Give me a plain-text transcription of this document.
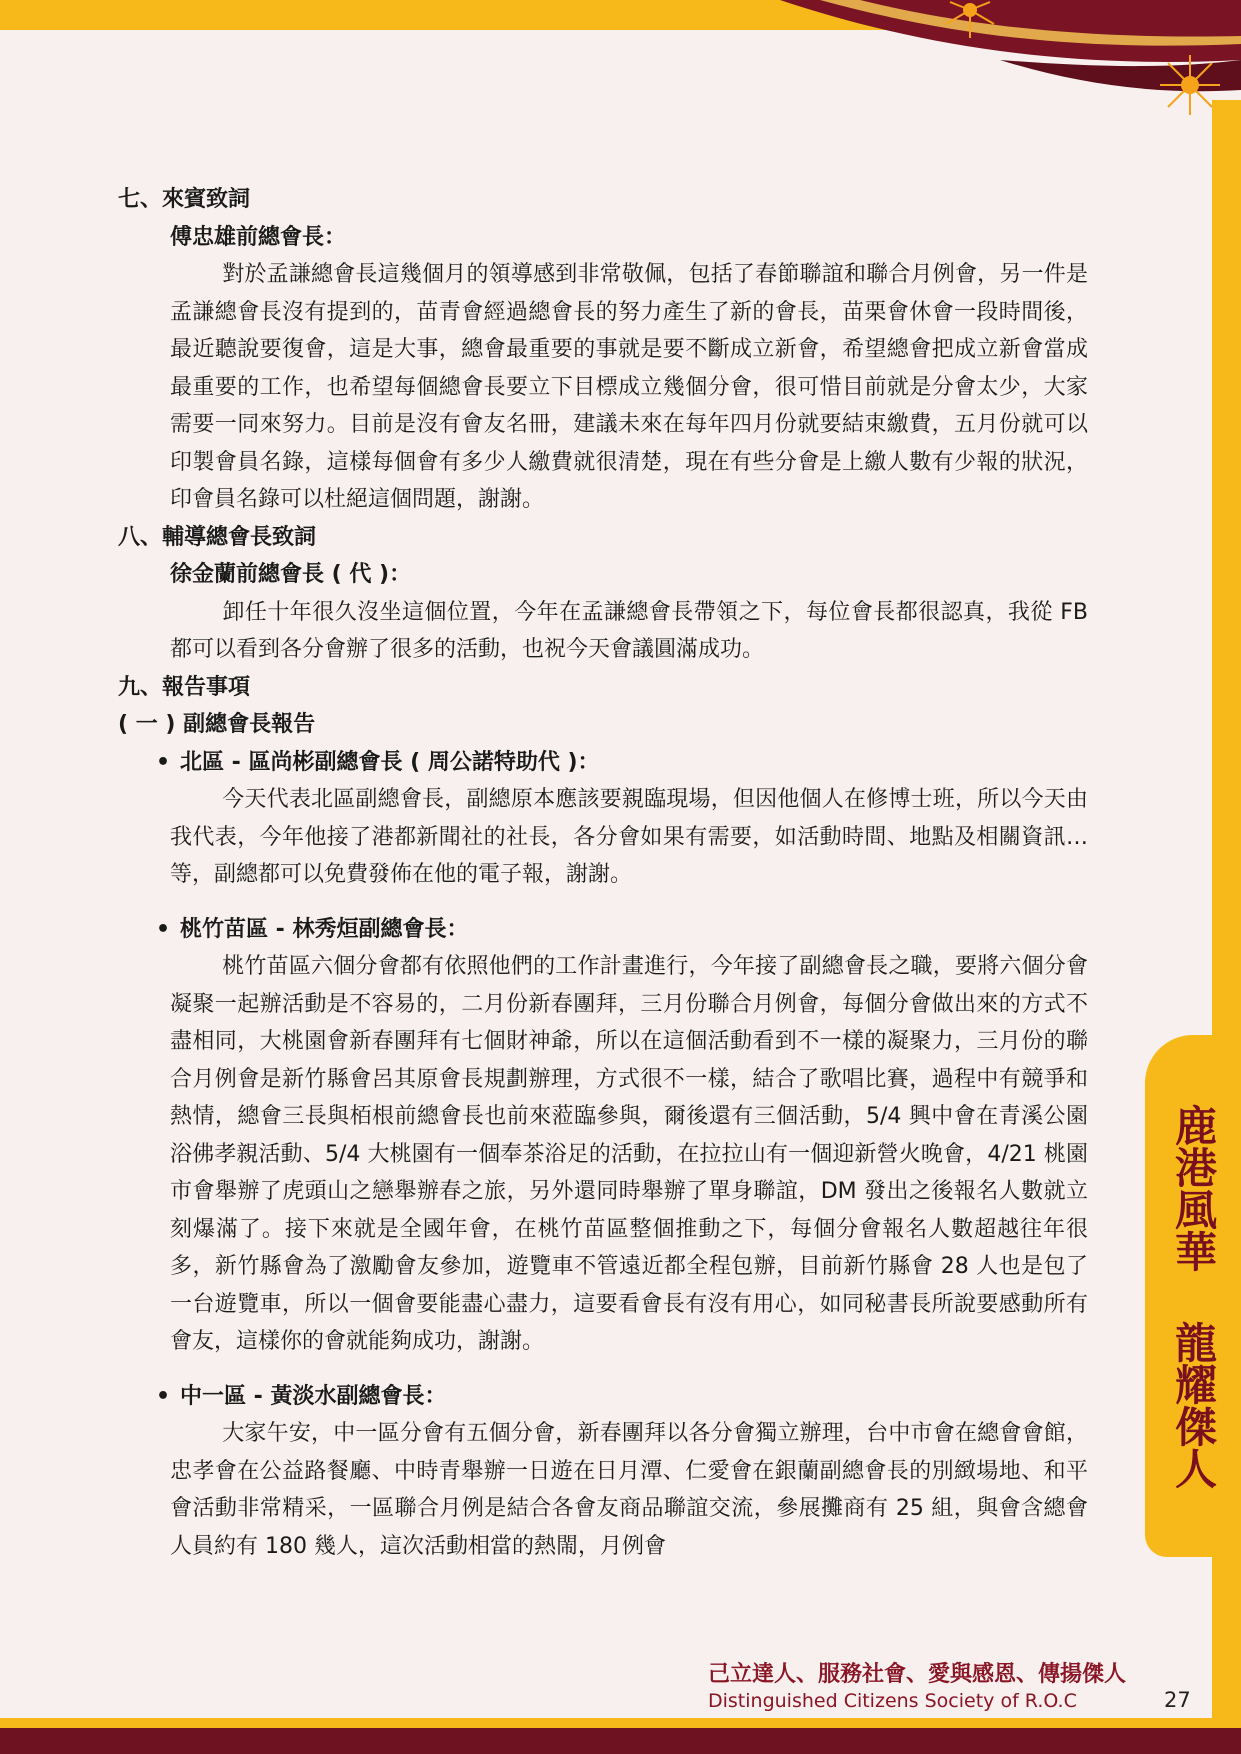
鹿港風華 龍耀傑人

七、來賓致詞

傅忠雄前總會長：

對於孟謙總會長這幾個月的領導感到非常敬佩，包括了春節聯誼和聯合月例會，另一件是孟謙總會長沒有提到的，苗青會經過總會長的努力產生了新的會長，苗栗會休會一段時間後，最近聽說要復會，這是大事，總會最重要的事就是要不斷成立新會，希望總會把成立新會當成最重要的工作，也希望每個總會長要立下目標成立幾個分會，很可惜目前就是分會太少，大家需要一同來努力。目前是沒有會友名冊，建議未來在每年四月份就要結束繳費，五月份就可以印製會員名錄，這樣每個會有多少人繳費就很清楚，現在有些分會是上繳人數有少報的狀況，印會員名錄可以杜絕這個問題，謝謝。

八、輔導總會長致詞

徐金蘭前總會長 ( 代 )：

卸任十年很久沒坐這個位置，今年在孟謙總會長帶領之下，每位會長都很認真，我從 FB 都可以看到各分會辦了很多的活動，也祝今天會議圓滿成功。

九、報告事項

( 一 ) 副總會長報告

• 北區 - 區尚彬副總會長 ( 周公諾特助代 )：

今天代表北區副總會長，副總原本應該要親臨現場，但因他個人在修博士班，所以今天由我代表，今年他接了港都新聞社的社長，各分會如果有需要，如活動時間、地點及相關資訊…等，副總都可以免費發佈在他的電子報，謝謝。

• 桃竹苗區 - 林秀烜副總會長：

桃竹苗區六個分會都有依照他們的工作計畫進行，今年接了副總會長之職，要將六個分會凝聚一起辦活動是不容易的，二月份新春團拜，三月份聯合月例會，每個分會做出來的方式不盡相同，大桃園會新春團拜有七個財神爺，所以在這個活動看到不一樣的凝聚力，三月份的聯合月例會是新竹縣會呂其原會長規劃辦理，方式很不一樣，結合了歌唱比賽，過程中有競爭和熱情，總會三長與栢根前總會長也前來蒞臨參與，爾後還有三個活動，5/4 興中會在青溪公園浴佛孝親活動、5/4 大桃園有一個奉茶浴足的活動，在拉拉山有一個迎新營火晚會，4/21 桃園市會舉辦了虎頭山之戀舉辦春之旅，另外還同時舉辦了單身聯誼，DM 發出之後報名人數就立刻爆滿了。接下來就是全國年會，在桃竹苗區整個推動之下，每個分會報名人數超越往年很多，新竹縣會為了激勵會友參加，遊覽車不管遠近都全程包辦，目前新竹縣會 28 人也是包了一台遊覽車，所以一個會要能盡心盡力，這要看會長有沒有用心，如同秘書長所說要感動所有會友，這樣你的會就能夠成功，謝謝。

• 中一區 - 黃淡水副總會長：

大家午安，中一區分會有五個分會，新春團拜以各分會獨立辦理，台中市會在總會會館，忠孝會在公益路餐廳、中時青舉辦一日遊在日月潭、仁愛會在銀蘭副總會長的別緻場地、和平會活動非常精采，一區聯合月例是結合各會友商品聯誼交流，參展攤商有 25 組，與會含總會人員約有 180 幾人，這次活動相當的熱閙，月例會

己立達人、服務社會、愛與感恩、傳揚傑人
Distinguished Citizens Society of R.O.C	27
